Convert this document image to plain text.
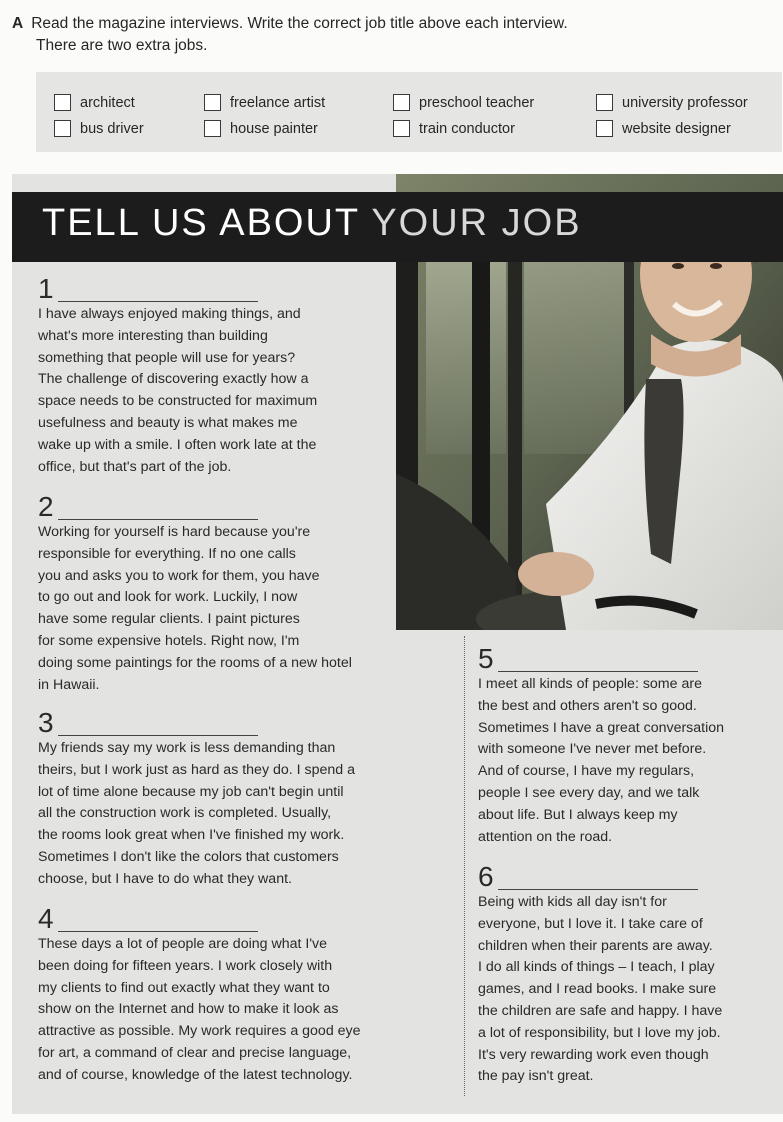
A Read the magazine interviews. Write the correct job title above each interview.
There are two extra jobs.
architect	freelance artist	preschool teacher	university professor
bus driver	house painter	train conductor	website designer
TELL US ABOUT YOUR JOB
1

I have always enjoyed making things, and

what's more interesting than building

something that people will use for years?

The challenge of discovering exactly how a

space needs to be constructed for maximum

usefulness and beauty is what makes me

wake up with a smile. I often work late at the

office, but that's part of the job.

2

Working for yourself is hard because you're

responsible for everything. If no one calls

you and asks you to work for them, you have

to go out and look for work. Luckily, I now

have some regular clients. I paint pictures

for some expensive hotels. Right now, I'm

doing some paintings for the rooms of a new hotel

in Hawaii.

3

My friends say my work is less demanding than

theirs, but I work just as hard as they do. I spend a

lot of time alone because my job can't begin until

all the construction work is completed. Usually,

the rooms look great when I've finished my work.

Sometimes I don't like the colors that customers

choose, but I have to do what they want.

4

These days a lot of people are doing what I've

been doing for fifteen years. I work closely with

my clients to find out exactly what they want to

show on the Internet and how to make it look as

attractive as possible. My work requires a good eye

for art, a command of clear and precise language,

and of course, knowledge of the latest technology.

5

I meet all kinds of people: some are

the best and others aren't so good.

Sometimes I have a great conversation

with someone I've never met before.

And of course, I have my regulars,

people I see every day, and we talk

about life. But I always keep my

attention on the road.

6

Being with kids all day isn't for

everyone, but I love it. I take care of

children when their parents are away.

I do all kinds of things – I teach, I play

games, and I read books. I make sure

the children are safe and happy. I have

a lot of responsibility, but I love my job.

It's very rewarding work even though

the pay isn't great.
